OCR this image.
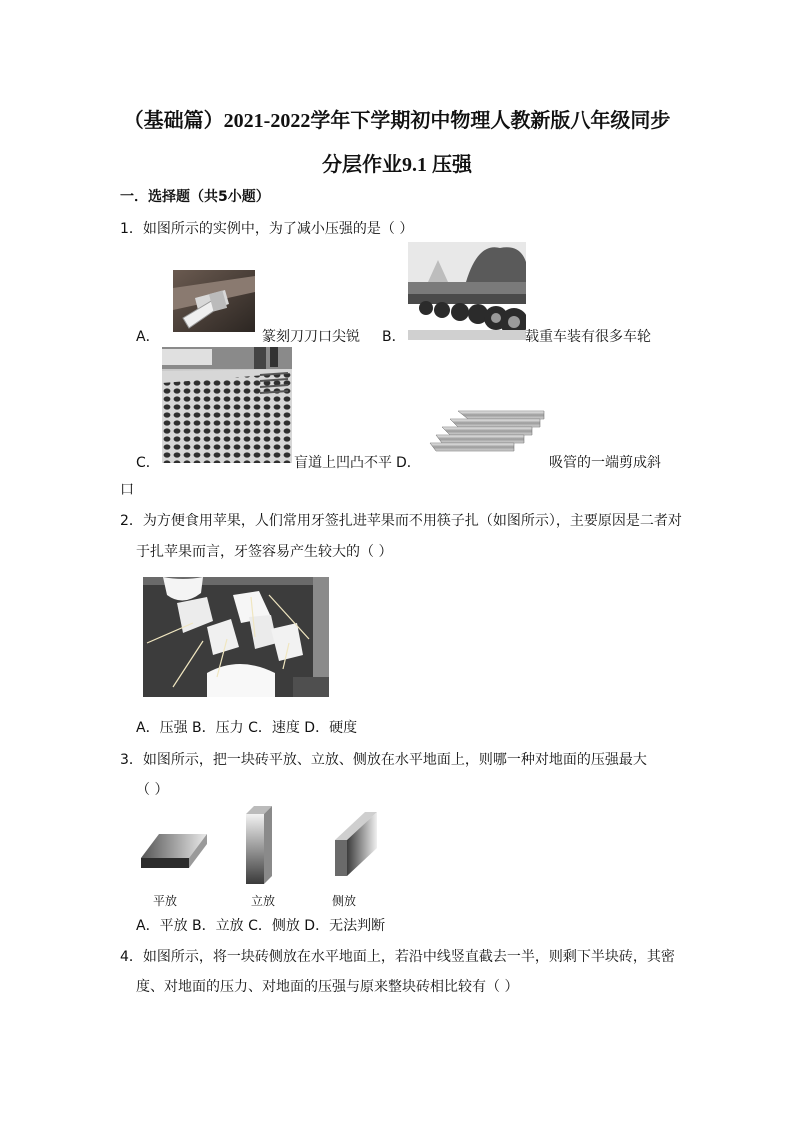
（基础篇）2021-2022学年下学期初中物理人教新版八年级同步
分层作业9.1 压强
一．选择题（共5小题）
1．如图所示的实例中，为了减小压强的是（ ）
A．	篆刻刀刀口尖锐 B．	载重车装有很多车轮
C．	盲道上凹凸不平 D．	吸管的一端剪成斜
口
2．为方便食用苹果，人们常用牙签扎进苹果而不用筷子扎（如图所示），主要原因是二者对
于扎苹果而言，牙签容易产生较大的（ ）
A．压强 B．压力 C．速度 D．硬度
3．如图所示，把一块砖平放、立放、侧放在水平地面上，则哪一种对地面的压强最大
（ ）
平放	立放	侧放
A．平放 B．立放 C．侧放 D．无法判断
4．如图所示，将一块砖侧放在水平地面上，若沿中线竖直截去一半，则剩下半块砖，其密
度、对地面的压力、对地面的压强与原来整块砖相比较有（ ）
